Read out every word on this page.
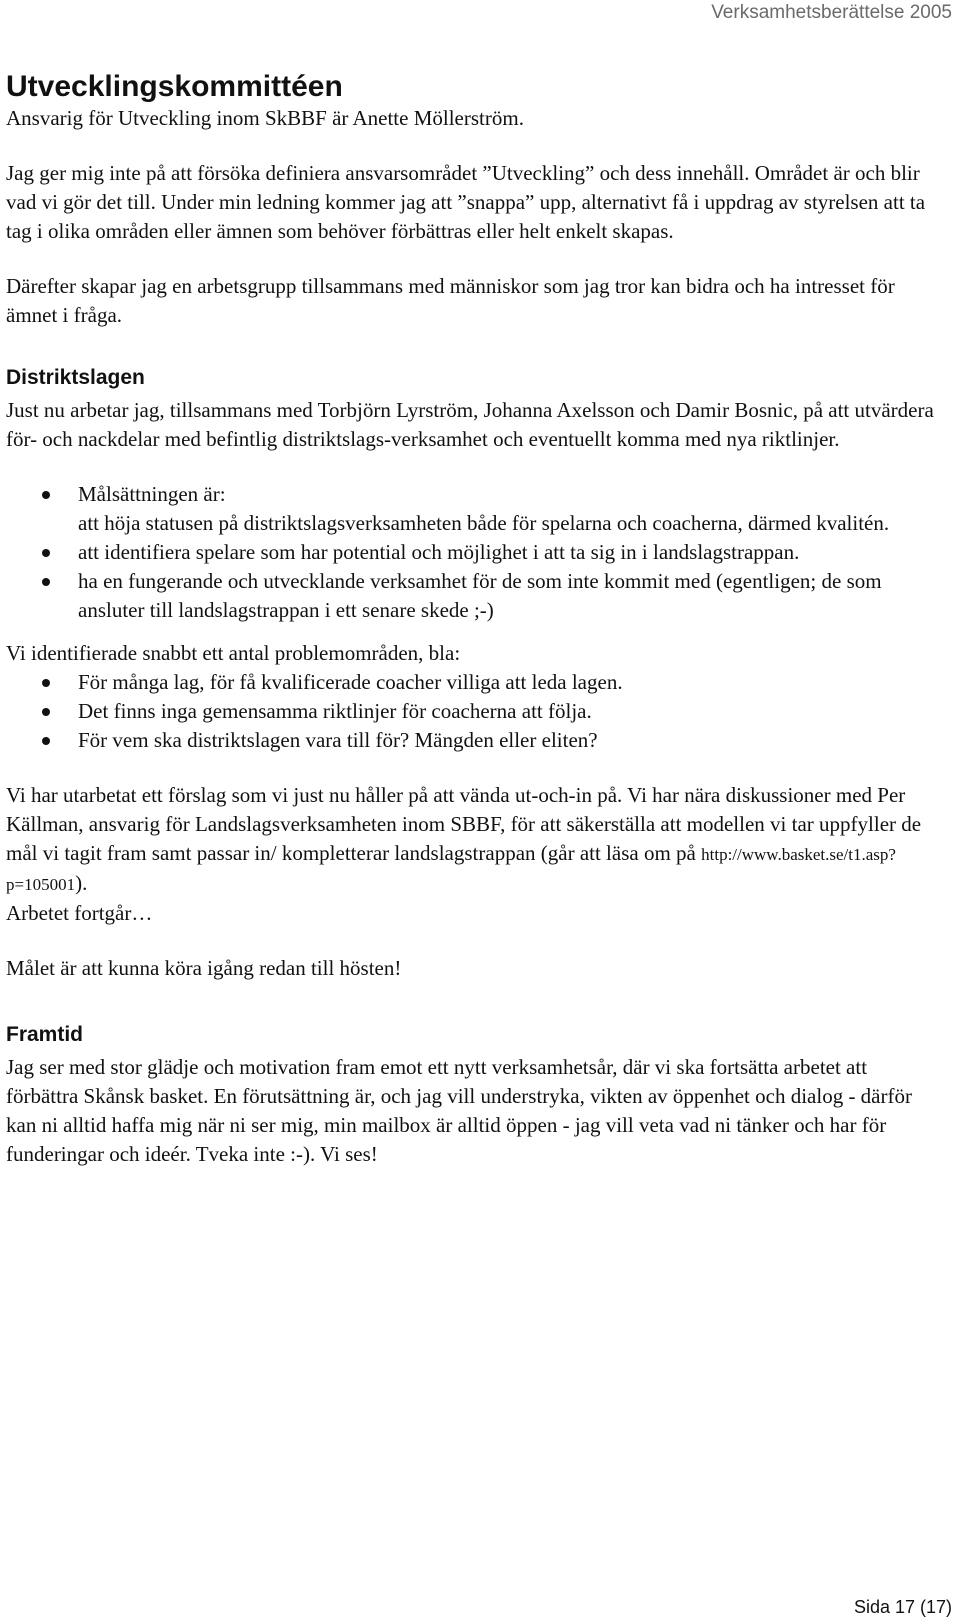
Verksamhetsberättelse 2005
Utvecklingskommittéen

Ansvarig för Utveckling inom SkBBF är Anette Möllerström.

Jag ger mig inte på att försöka definiera ansvarsområdet ”Utveckling” och dess innehåll. Området är och blir vad vi gör det till. Under min ledning kommer jag att ”snappa” upp, alternativt få i uppdrag av styrelsen att ta tag i olika områden eller ämnen som behöver förbättras eller helt enkelt skapas.

Därefter skapar jag en arbetsgrupp tillsammans med människor som jag tror kan bidra och ha intresset för ämnet i fråga.

Distriktslagen

Just nu arbetar jag, tillsammans med Torbjörn Lyrström, Johanna Axelsson och Damir Bosnic, på att utvärdera för- och nackdelar med befintlig distriktslags-verksamhet och eventuellt komma med nya riktlinjer.

Målsättningen är:
att höja statusen på distriktslagsverksamheten både för spelarna och coacherna, därmed kvalitén.
att identifiera spelare som har potential och möjlighet i att ta sig in i landslagstrappan.
ha en fungerande och utvecklande verksamhet för de som inte kommit med (egentligen; de som ansluter till landslagstrappan i ett senare skede ;-)

Vi identifierade snabbt ett antal problemområden, bla:

För många lag, för få kvalificerade coacher villiga att leda lagen.
Det finns inga gemensamma riktlinjer för coacherna att följa.
För vem ska distriktslagen vara till för? Mängden eller eliten?

Vi har utarbetat ett förslag som vi just nu håller på att vända ut-och-in på. Vi har nära diskussioner med Per Källman, ansvarig för Landslagsverksamheten inom SBBF, för att säkerställa att modellen vi tar uppfyller de mål vi tagit fram samt passar in/ kompletterar landslagstrappan (går att läsa om på http://www.basket.se/t1.asp?p=105001).
Arbetet fortgår…

Målet är att kunna köra igång redan till hösten!

Framtid

Jag ser med stor glädje och motivation fram emot ett nytt verksamhetsår, där vi ska fortsätta arbetet att förbättra Skånsk basket. En förutsättning är, och jag vill understryka, vikten av öppenhet och dialog - därför kan ni alltid haffa mig när ni ser mig, min mailbox är alltid öppen - jag vill veta vad ni tänker och har för funderingar och ideér. Tveka inte :-). Vi ses!

Sida 17 (17)
